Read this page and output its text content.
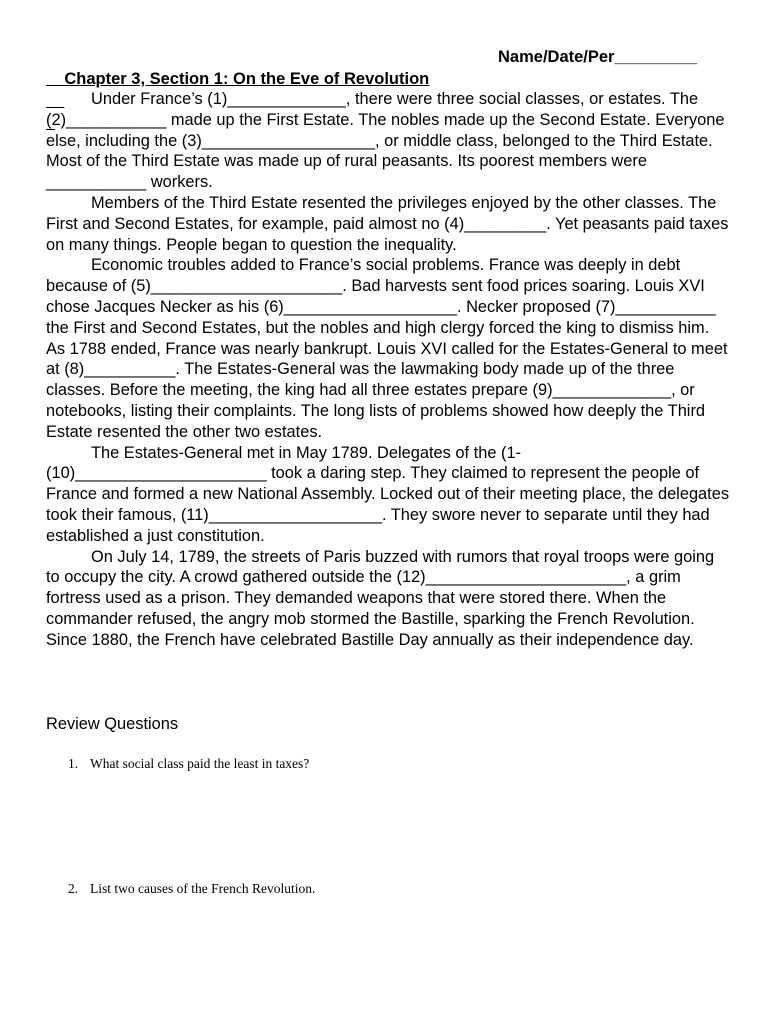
Chapter 3, Section 1: On the Eve of Revolution

Name/Date/Per_________

Under France’s (1)_____________, there were three social classes, or estates. The (2)___________ made up the First Estate. The nobles made up the Second Estate. Everyone else, including the (3)___________________, or middle class, belonged to the Third Estate. Most of the Third Estate was made up of rural peasants. Its poorest members were ___________ workers.

Members of the Third Estate resented the privileges enjoyed by the other classes. The First and Second Estates, for example, paid almost no (4)_________. Yet peasants paid taxes on many things. People began to question the inequality.

Economic troubles added to France’s social problems. France was deeply in debt because of (5)_____________________. Bad harvests sent food prices soaring. Louis XVI chose Jacques Necker as his (6)___________________. Necker proposed (7)___________ the First and Second Estates, but the nobles and high clergy forced the king to dismiss him. As 1788 ended, France was nearly bankrupt. Louis XVI called for the Estates-General to meet at (8)__________. The Estates-General was the lawmaking body made up of the three classes. Before the meeting, the king had all three estates prepare (9)_____________, or notebooks, listing their complaints. The long lists of problems showed how deeply the Third Estate resented the other two estates.

The Estates-General met in May 1789. Delegates of the (1-(10)_____________________ took a daring step. They claimed to represent the people of France and formed a new National Assembly. Locked out of their meeting place, the delegates took their famous, (11)___________________. They swore never to separate until they had established a just constitution.

On July 14, 1789, the streets of Paris buzzed with rumors that royal troops were going to occupy the city. A crowd gathered outside the (12)______________________, a grim fortress used as a prison. They demanded weapons that were stored there. When the commander refused, the angry mob stormed the Bastille, sparking the French Revolution. Since 1880, the French have celebrated Bastille Day annually as their independence day.

Review Questions
1. What social class paid the least in taxes?
2. List two causes of the French Revolution.
